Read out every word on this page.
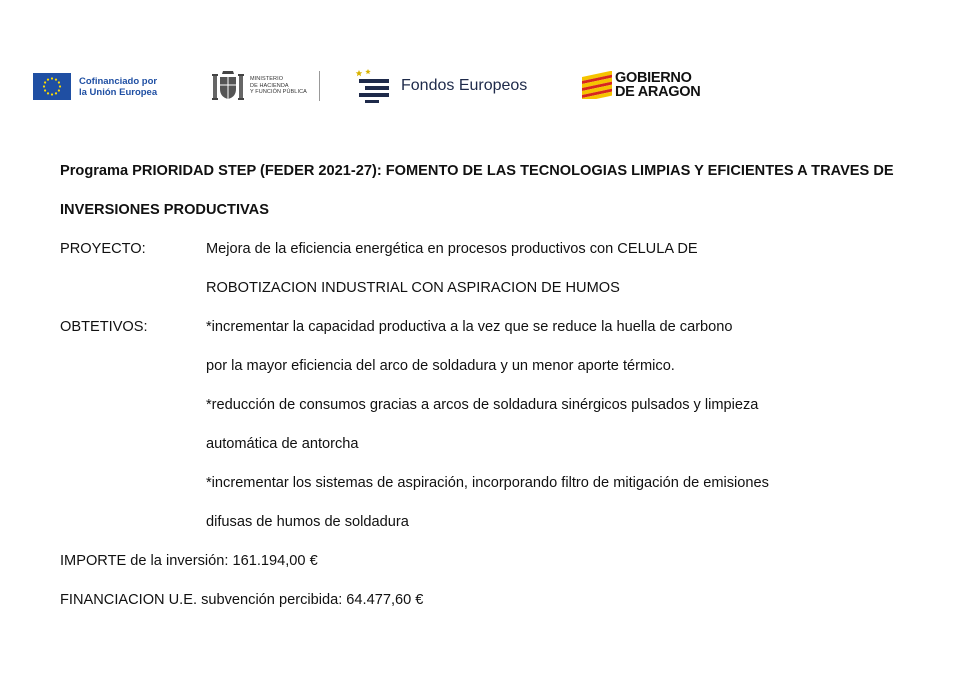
Cofinanciado por
la Unión Europea
MINISTERIO
DE HACIENDA
Y FUNCIÓN PÚBLICA	Fondos Europeos	GOBIERNO
DE ARAGON
Programa PRIORIDAD STEP (FEDER 2021-27): FOMENTO DE LAS TECNOLOGIAS LIMPIAS Y EFICIENTES A TRAVES DE
INVERSIONES PRODUCTIVAS
PROYECTO:	Mejora de la eficiencia energética en procesos productivos con CELULA DE
ROBOTIZACION INDUSTRIAL CON ASPIRACION DE HUMOS
OBTETIVOS:	*incrementar la capacidad productiva a la vez que se reduce la huella de carbono
por la mayor eficiencia del arco de soldadura y un menor aporte térmico.
*reducción de consumos gracias a arcos de soldadura sinérgicos pulsados y limpieza
automática de antorcha
*incrementar los sistemas de aspiración, incorporando filtro de mitigación de emisiones
difusas de humos de soldadura
IMPORTE de la inversión: 161.194,00 €
FINANCIACION U.E. subvención percibida: 64.477,60 €
